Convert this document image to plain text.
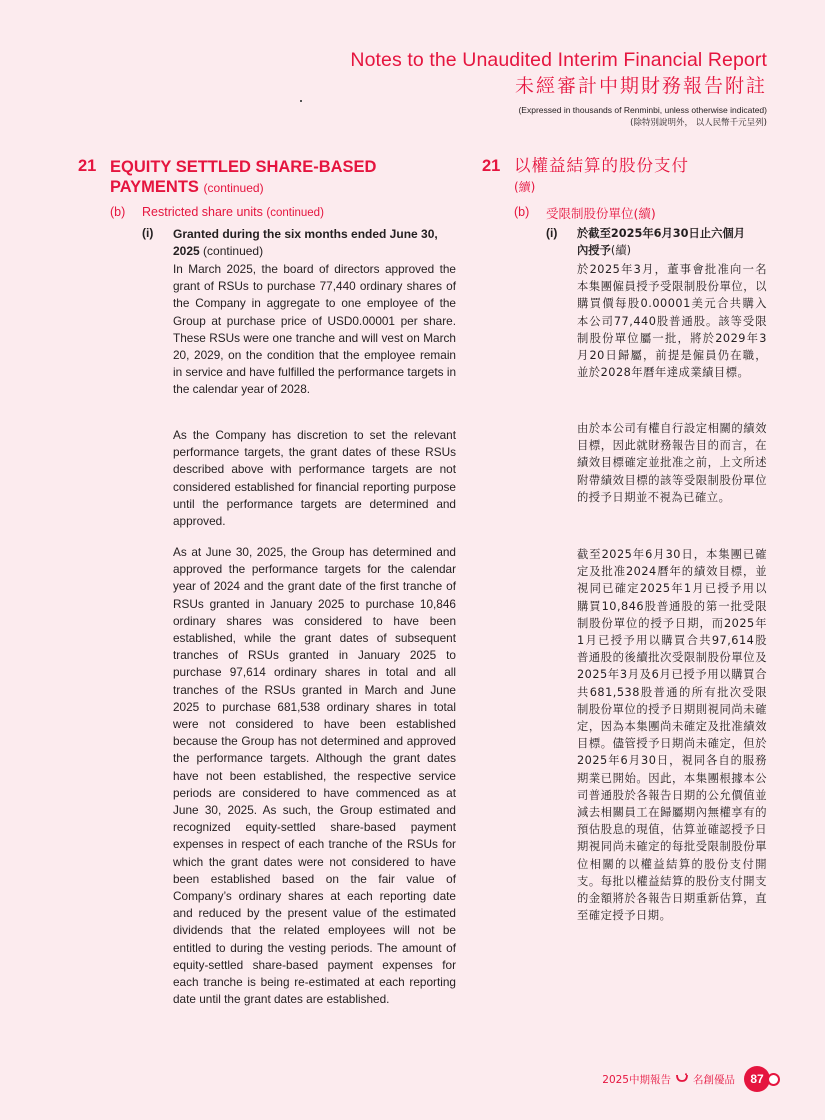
Notes to the Unaudited Interim Financial Report
未經審計中期財務報告附註
(Expressed in thousands of Renminbi, unless otherwise indicated)
(除特別說明外， 以人民幣千元呈列)
21 EQUITY SETTLED SHARE-BASED
PAYMENTS (continued)
(b) Restricted share units (continued)
(i) Granted during the six months ended June 30, 2025 (continued)

In March 2025, the board of directors approved the grant of RSUs to purchase 77,440 ordinary shares of the Company in aggregate to one employee of the Group at purchase price of USD0.00001 per share. These RSUs were one tranche and will vest on March 20, 2029, on the condition that the employee remain in service and have fulfilled the performance targets in the calendar year of 2028.

As the Company has discretion to set the relevant performance targets, the grant dates of these RSUs described above with performance targets are not considered established for financial reporting purpose until the performance targets are determined and approved.

As at June 30, 2025, the Group has determined and approved the performance targets for the calendar year of 2024 and the grant date of the first tranche of RSUs granted in January 2025 to purchase 10,846 ordinary shares was considered to have been established, while the grant dates of subsequent tranches of RSUs granted in January 2025 to purchase 97,614 ordinary shares in total and all tranches of the RSUs granted in March and June 2025 to purchase 681,538 ordinary shares in total were not considered to have been established because the Group has not determined and approved the performance targets. Although the grant dates have not been established, the respective service periods are considered to have commenced as at June 30, 2025. As such, the Group estimated and recognized equity-settled share-based payment expenses in respect of each tranche of the RSUs for which the grant dates were not considered to have been established based on the fair value of Company’s ordinary shares at each reporting date and reduced by the present value of the estimated dividends that the related employees will not be entitled to during the vesting periods. The amount of equity-settled share-based payment expenses for each tranche is being re-estimated at each reporting date until the grant dates are established.

21 以權益結算的股份支付
(續)
(b) 受限制股份單位(續)
(i) 於截至2025年6月30日止六個月
內授予(續)

於2025年3月，董事會批准向一名本集團僱員授予受限制股份單位，以購買價每股0.00001美元合共購入本公司77,440股普通股。該等受限制股份單位屬一批，將於2029年3月20日歸屬，前提是僱員仍在職，並於2028年曆年達成業績目標。

由於本公司有權自行設定相關的績效目標，因此就財務報告目的而言，在績效目標確定並批准之前，上文所述附帶績效目標的該等受限制股份單位的授予日期並不視為已確立。

截至2025年6月30日，本集團已確定及批准2024曆年的績效目標，並視同已確定2025年1月已授予用以購買10,846股普通股的第一批受限制股份單位的授予日期，而2025年1月已授予用以購買合共97,614股普通股的後續批次受限制股份單位及2025年3月及6月已授予用以購買合共681,538股普通的所有批次受限制股份單位的授予日期則視同尚未確定，因為本集團尚未確定及批准績效目標。儘管授予日期尚未確定，但於2025年6月30日，視同各自的服務期業已開始。因此，本集團根據本公司普通股於各報告日期的公允價值並減去相關員工在歸屬期內無權享有的預估股息的現值，估算並確認授予日期視同尚未確定的每批受限制股份單位相關的以權益結算的股份支付開支。每批以權益結算的股份支付開支的金額將於各報告日期重新估算，直至確定授予日期。

2025中期報告 名創優品 87
